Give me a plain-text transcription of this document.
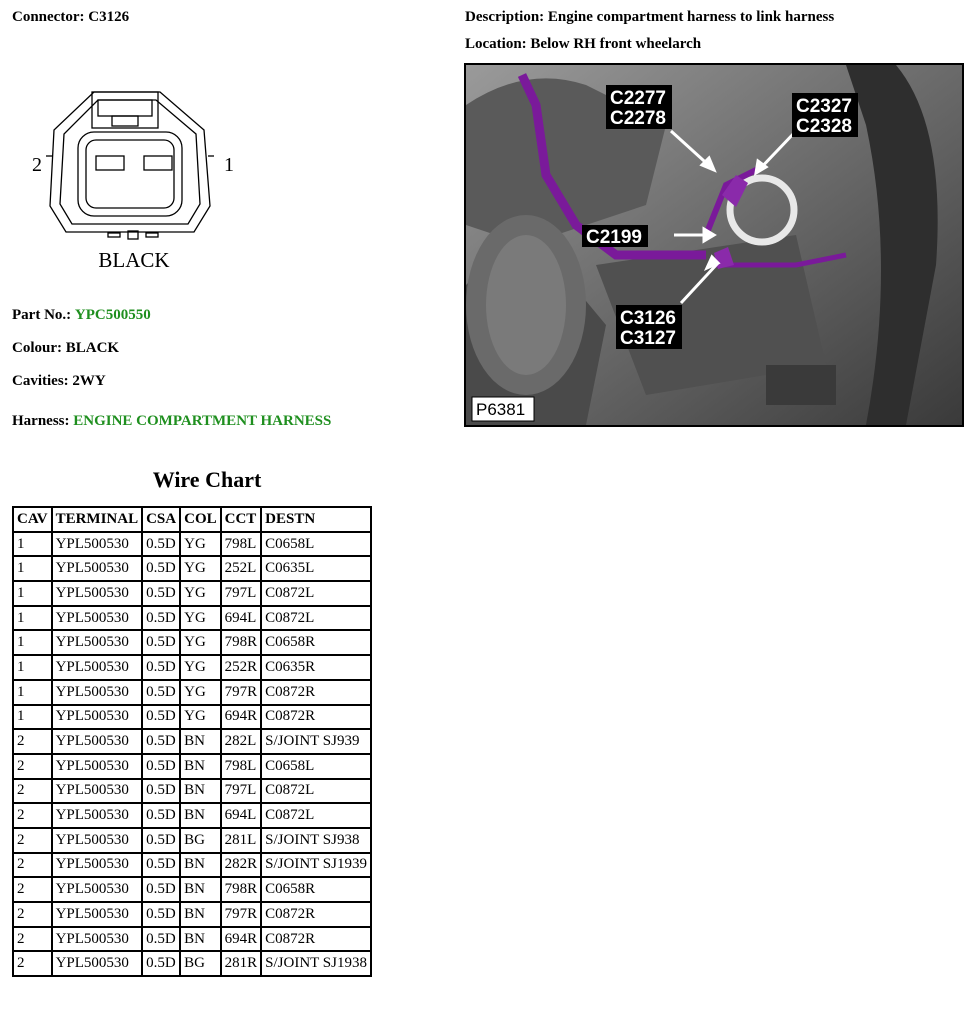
Connector: C3126	Description: Engine compartment harness to link harness
Location: Below RH front wheelarch
2	1
BLACK
Part No.: YPC500550
Colour: BLACK
Cavities: 2WY
Harness: ENGINE COMPARTMENT HARNESS
C2277
C2278
C2327
C2328
C2199
C3126
C3127
P6381
Wire Chart
CAV	TERMINAL	CSA	COL	CCT	DESTN
1	YPL500530	0.5D	YG	798L	C0658L
1	YPL500530	0.5D	YG	252L	C0635L
1	YPL500530	0.5D	YG	797L	C0872L
1	YPL500530	0.5D	YG	694L	C0872L
1	YPL500530	0.5D	YG	798R	C0658R
1	YPL500530	0.5D	YG	252R	C0635R
1	YPL500530	0.5D	YG	797R	C0872R
1	YPL500530	0.5D	YG	694R	C0872R
2	YPL500530	0.5D	BN	282L	S/JOINT SJ939
2	YPL500530	0.5D	BN	798L	C0658L
2	YPL500530	0.5D	BN	797L	C0872L
2	YPL500530	0.5D	BN	694L	C0872L
2	YPL500530	0.5D	BG	281L	S/JOINT SJ938
2	YPL500530	0.5D	BN	282R	S/JOINT SJ1939
2	YPL500530	0.5D	BN	798R	C0658R
2	YPL500530	0.5D	BN	797R	C0872R
2	YPL500530	0.5D	BN	694R	C0872R
2	YPL500530	0.5D	BG	281R	S/JOINT SJ1938
